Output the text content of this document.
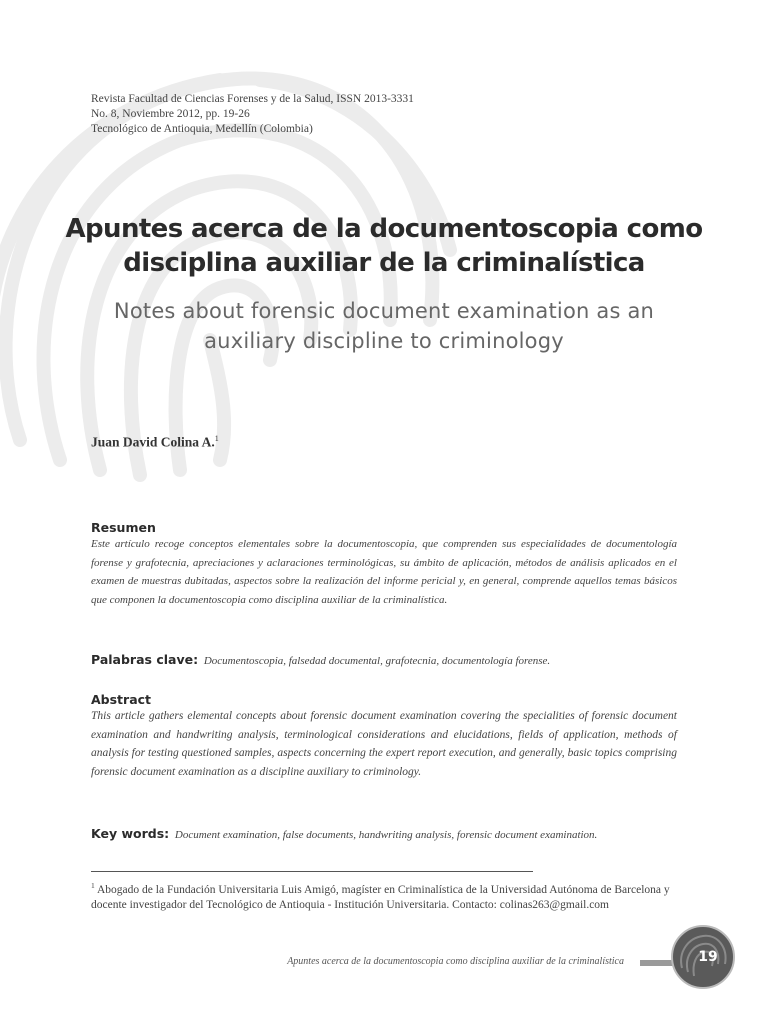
Revista Facultad de Ciencias Forenses y de la Salud, ISSN 2013-3331
No. 8, Noviembre 2012, pp. 19-26
Tecnológico de Antioquia, Medellín (Colombia)
Apuntes acerca de la documentoscopia como
disciplina auxiliar de la criminalística
Notes about forensic document examination as an
auxiliary discipline to criminology
Juan David Colina A.$^1$
Resumen
Este artículo recoge conceptos elementales sobre la documentoscopia, que comprenden sus especialidades de documentología forense y grafotecnia, apreciaciones y aclaraciones terminológicas, su ámbito de aplicación, métodos de análisis aplicados en el examen de muestras dubitadas, aspectos sobre la realización del informe pericial y, en general, comprende aquellos temas básicos que componen la documentoscopia como disciplina auxiliar de la criminalística.
Palabras clave: Documentoscopia, falsedad documental, grafotecnia, documentología forense.
Abstract
This article gathers elemental concepts about forensic document examination covering the specialities of forensic document examination and handwriting analysis, terminological considerations and elucidations, fields of application, methods of analysis for testing questioned samples, aspects concerning the expert report execution, and generally, basic topics comprising forensic document examination as a discipline auxiliary to criminology.
Key words: Document examination, false documents, handwriting analysis, forensic document examination.
$^1$ Abogado de la Fundación Universitaria Luis Amigó, magíster en Criminalística de la Universidad Autónoma de Barcelona y docente investigador del Tecnológico de Antioquia - Institución Universitaria. Contacto: colinas263@gmail.com
Apuntes acerca de la documentoscopia como disciplina auxiliar de la criminalística	19
